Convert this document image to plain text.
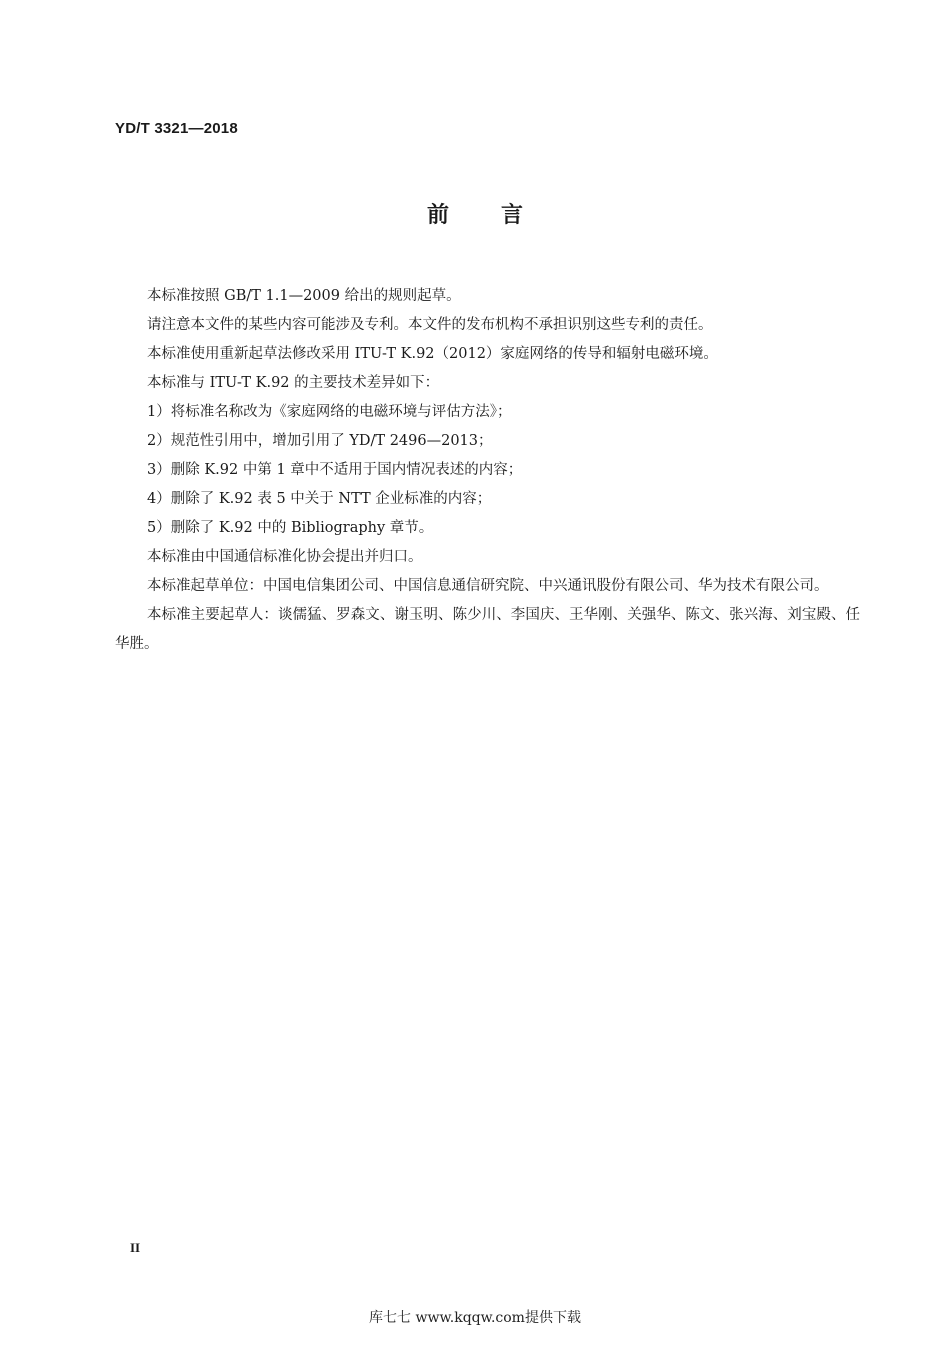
YD/T 3321—2018
前 言

本标准按照 GB/T 1.1—2009 给出的规则起草。

请注意本文件的某些内容可能涉及专利。本文件的发布机构不承担识别这些专利的责任。

本标准使用重新起草法修改采用 ITU-T K.92（2012）家庭网络的传导和辐射电磁环境。

本标准与 ITU-T K.92 的主要技术差异如下：

1）将标准名称改为《家庭网络的电磁环境与评估方法》；

2）规范性引用中，增加引用了 YD/T 2496—2013；

3）删除 K.92 中第 1 章中不适用于国内情况表述的内容；

4）删除了 K.92 表 5 中关于 NTT 企业标准的内容；

5）删除了 K.92 中的 Bibliography 章节。

本标准由中国通信标准化协会提出并归口。

本标准起草单位：中国电信集团公司、中国信息通信研究院、中兴通讯股份有限公司、华为技术有限公司。

本标准主要起草人：谈儒猛、罗森文、谢玉明、陈少川、李国庆、王华刚、关强华、陈文、张兴海、刘宝殿、任华胜。

II
库七七 www.kqqw.com提供下载
